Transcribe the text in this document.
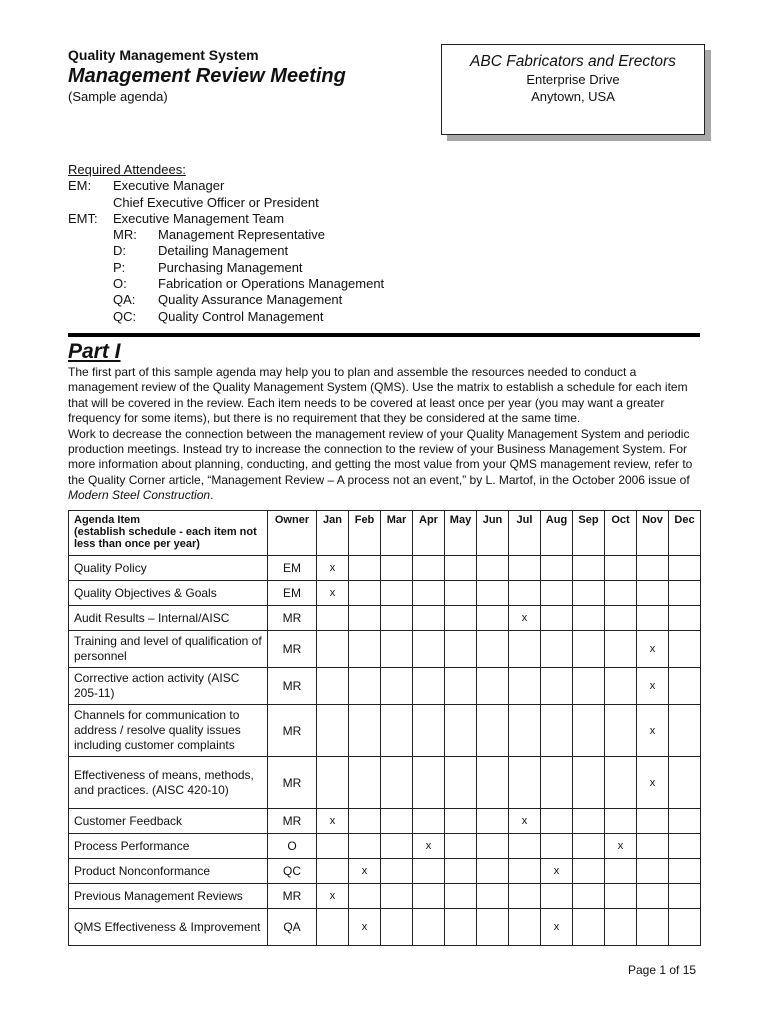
Quality Management System
Management Review Meeting
(Sample agenda)
ABC Fabricators and Erectors
Enterprise Drive
Anytown, USA
Required Attendees:
EM:	Executive Manager
Chief Executive Officer or President
EMT:	Executive Management Team
MR:	Management Representative
D:	Detailing Management
P:	Purchasing Management
O:	Fabrication or Operations Management
QA:	Quality Assurance Management
QC:	Quality Control Management
Part I

The first part of this sample agenda may help you to plan and assemble the resources needed to conduct a management review of the Quality Management System (QMS). Use the matrix to establish a schedule for each item that will be covered in the review. Each item needs to be covered at least once per year (you may want a greater frequency for some items), but there is no requirement that they be considered at the same time.

Work to decrease the connection between the management review of your Quality Management System and periodic production meetings. Instead try to increase the connection to the review of your Business Management System. For more information about planning, conducting, and getting the most value from your QMS management review, refer to the Quality Corner article, “Management Review – A process not an event,” by L. Martof, in the October 2006 issue of Modern Steel Construction.

Agenda Item
(establish schedule - each item not less than once per year)	Owner	Jan	Feb	Mar	Apr	May	Jun	Jul	Aug	Sep	Oct	Nov	Dec
Quality Policy	EM	x											
Quality Objectives & Goals	EM	x											
Audit Results – Internal/AISC	MR							x					
Training and level of qualification of personnel	MR											x	
Corrective action activity (AISC 205-11)	MR											x	
Channels for communication to address / resolve quality issues including customer complaints	MR											x	
Effectiveness of means, methods, and practices. (AISC 420-10)	MR											x	
Customer Feedback	MR	x						x					
Process Performance	O				x						x		
Product Nonconformance	QC		x						x				
Previous Management Reviews	MR	x											
QMS Effectiveness & Improvement	QA		x						x				
Page 1 of 15
